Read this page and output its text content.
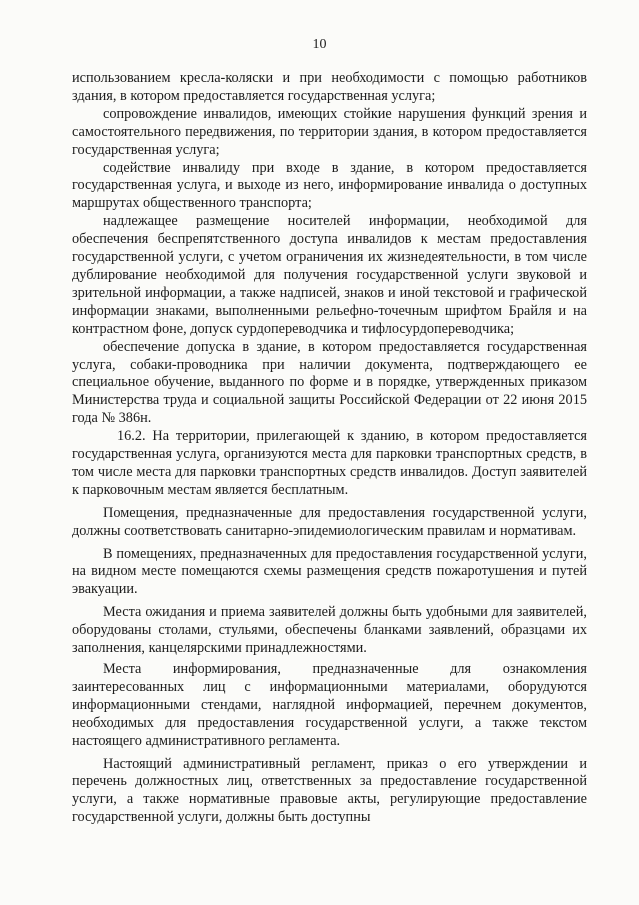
10

использованием кресла-коляски и при необходимости с помощью работников здания, в котором предоставляется государственная услуга;

сопровождение инвалидов, имеющих стойкие нарушения функций зрения и самостоятельного передвижения, по территории здания, в котором предоставляется государственная услуга;

содействие инвалиду при входе в здание, в котором предоставляется государственная услуга, и выходе из него, информирование инвалида о доступных маршрутах общественного транспорта;

надлежащее размещение носителей информации, необходимой для обеспечения беспрепятственного доступа инвалидов к местам предоставления государственной услуги, с учетом ограничения их жизнедеятельности, в том числе дублирование необходимой для получения государственной услуги звуковой и зрительной информации, а также надписей, знаков и иной текстовой и графической информации знаками, выполненными рельефно-точечным шрифтом Брайля и на контрастном фоне, допуск сурдопереводчика и тифлосурдопереводчика;

обеспечение допуска в здание, в котором предоставляется государственная услуга, собаки-проводника при наличии документа, подтверждающего ее специальное обучение, выданного по форме и в порядке, утвержденных приказом Министерства труда и социальной защиты Российской Федерации от 22 июня 2015 года № 386н.

16.2. На территории, прилегающей к зданию, в котором предоставляется государственная услуга, организуются места для парковки транспортных средств, в том числе места для парковки транспортных средств инвалидов. Доступ заявителей к парковочным местам является бесплатным.

Помещения, предназначенные для предоставления государственной услуги, должны соответствовать санитарно-эпидемиологическим правилам и нормативам.

В помещениях, предназначенных для предоставления государственной услуги, на видном месте помещаются схемы размещения средств пожаротушения и путей эвакуации.

Места ожидания и приема заявителей должны быть удобными для заявителей, оборудованы столами, стульями, обеспечены бланками заявлений, образцами их заполнения, канцелярскими принадлежностями.

Места информирования, предназначенные для ознакомления заинтересованных лиц с информационными материалами, оборудуются информационными стендами, наглядной информацией, перечнем документов, необходимых для предоставления государственной услуги, а также текстом настоящего административного регламента.

Настоящий административный регламент, приказ о его утверждении и перечень должностных лиц, ответственных за предоставление государственной услуги, а также нормативные правовые акты, регулирующие предоставление государственной услуги, должны быть доступны
